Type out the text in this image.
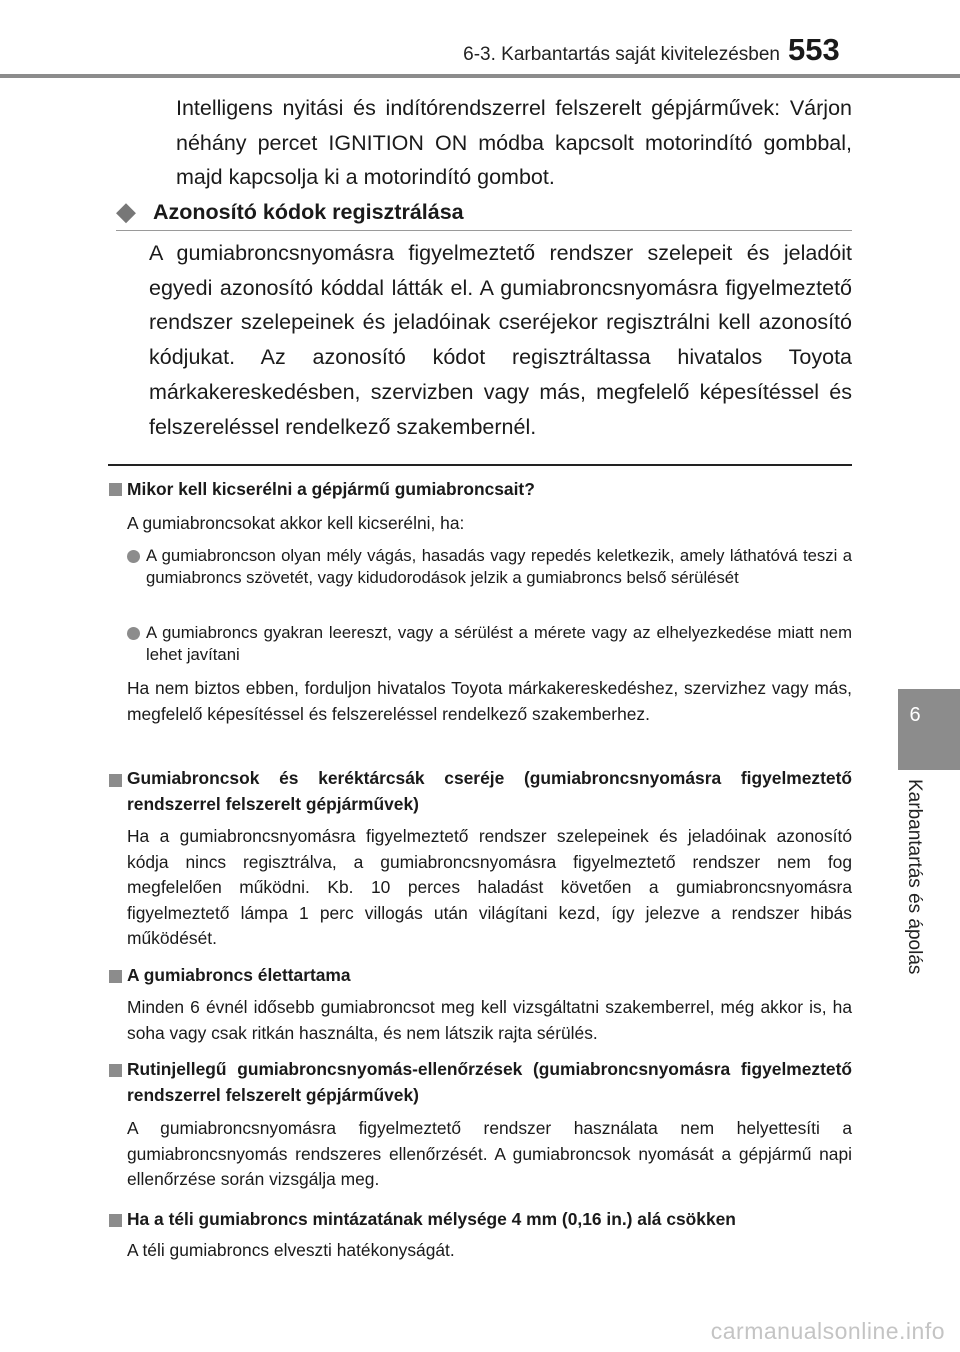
6-3. Karbantartás saját kivitelezésben 553
6
Karbantartás és ápolás

Intelligens nyitási és indítórendszerrel felszerelt gépjárművek: Várjon néhány percet IGNITION ON módba kapcsolt motorindító gombbal, majd kapcsolja ki a motorindító gombot.

◆ Azonosító kódok regisztrálása

A gumiabroncsnyomásra figyelmeztető rendszer szelepeit és jeladóit egyedi azonosító kóddal látták el. A gumiabroncsnyomásra figyelmeztető rendszer szelepeinek és jeladóinak cseréjekor regisztrálni kell azonosító kódjukat. Az azonosító kódot regisztráltassa hivatalos Toyota márkakereskedésben, szervizben vagy más, megfelelő képesítéssel és felszereléssel rendelkező szakembernél.

Mikor kell kicserélni a gépjármű gumiabroncsait?

A gumiabroncsokat akkor kell kicserélni, ha:

A gumiabroncson olyan mély vágás, hasadás vagy repedés keletkezik, amely láthatóvá teszi a gumiabroncs szövetét, vagy kidudorodások jelzik a gumiabroncs belső sérülését

A gumiabroncs gyakran leereszt, vagy a sérülést a mérete vagy az elhelyezkedése miatt nem lehet javítani

Ha nem biztos ebben, forduljon hivatalos Toyota márkakereskedéshez, szervizhez vagy más, megfelelő képesítéssel és felszereléssel rendelkező szakemberhez.

Gumiabroncsok és keréktárcsák cseréje (gumiabroncsnyomásra figyelmeztető rendszerrel felszerelt gépjárművek)

Ha a gumiabroncsnyomásra figyelmeztető rendszer szelepeinek és jeladóinak azonosító kódja nincs regisztrálva, a gumiabroncsnyomásra figyelmeztető rendszer nem fog megfelelően működni. Kb. 10 perces haladást követően a gumiabroncsnyomásra figyelmeztető lámpa 1 perc villogás után világítani kezd, így jelezve a rendszer hibás működését.

A gumiabroncs élettartama

Minden 6 évnél idősebb gumiabroncsot meg kell vizsgáltatni szakemberrel, még akkor is, ha soha vagy csak ritkán használta, és nem látszik rajta sérülés.

Rutinjellegű gumiabroncsnyomás-ellenőrzések (gumiabroncsnyomásra figyelmeztető rendszerrel felszerelt gépjárművek)

A gumiabroncsnyomásra figyelmeztető rendszer használata nem helyettesíti a gumiabroncsnyomás rendszeres ellenőrzését. A gumiabroncsok nyomását a gépjármű napi ellenőrzése során vizsgálja meg.

Ha a téli gumiabroncs mintázatának mélysége 4 mm (0,16 in.) alá csökken

A téli gumiabroncs elveszti hatékonyságát.

carmanualsonline.info
